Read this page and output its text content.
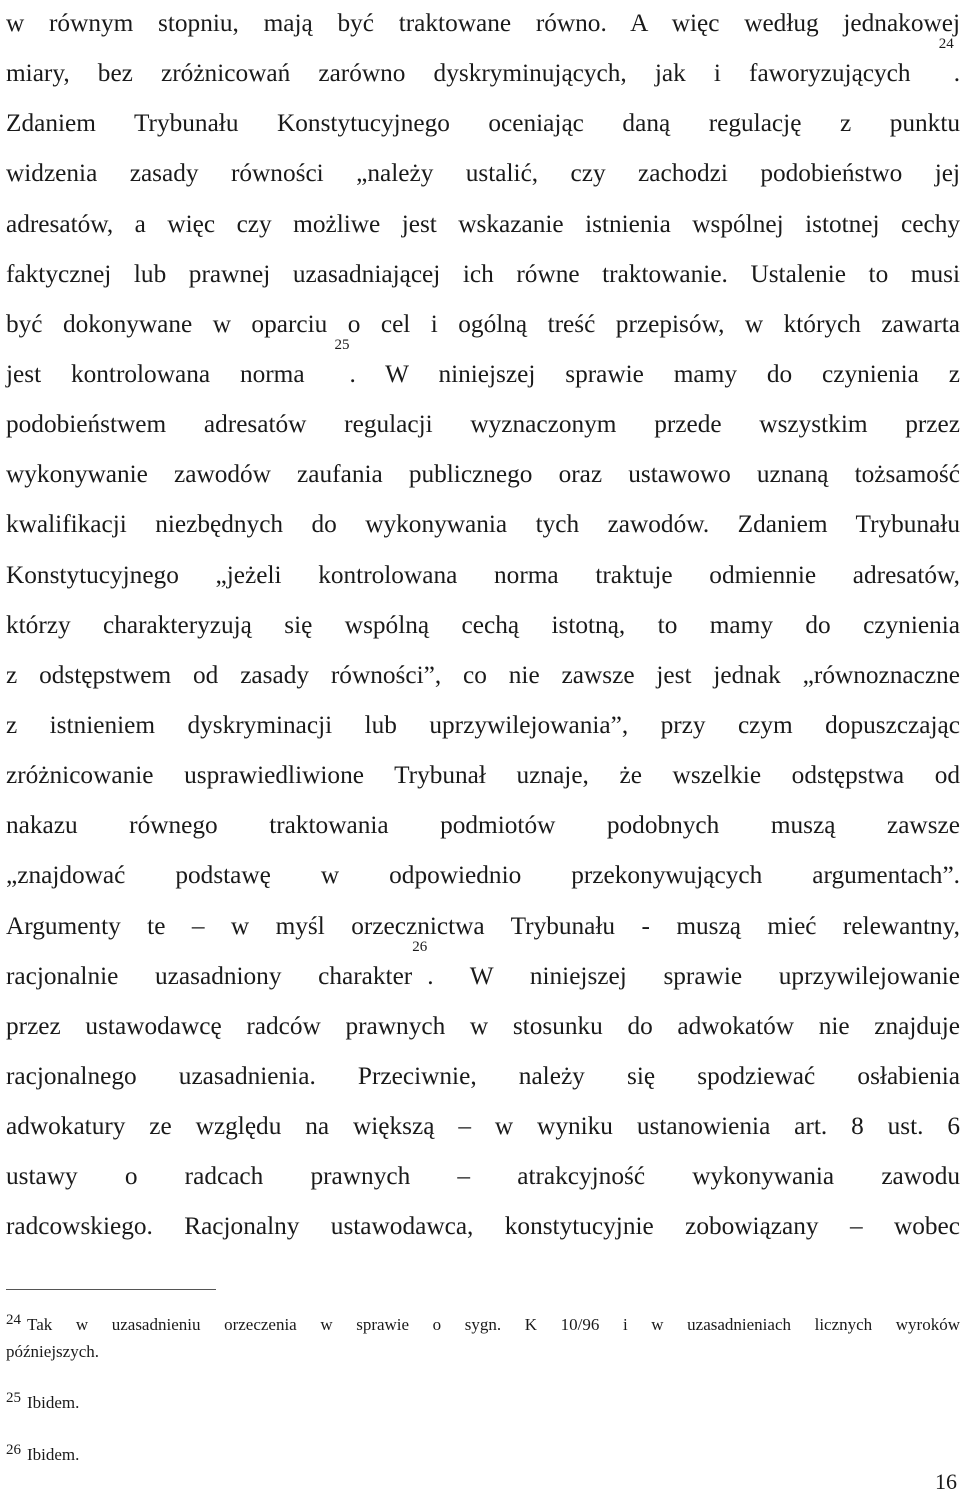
w równym stopniu, mają być traktowane równo. A więc według jednakowej
miary, bez zróżnicowań zarówno dyskryminujących, jak i faworyzujących $^{24}$.
Zdaniem Trybunału Konstytucyjnego oceniając daną regulację z punktu
widzenia zasady równości „należy ustalić, czy zachodzi podobieństwo jej
adresatów, a więc czy możliwe jest wskazanie istnienia wspólnej istotnej cechy
faktycznej lub prawnej uzasadniającej ich równe traktowanie. Ustalenie to musi
być dokonywane w oparciu o cel i ogólną treść przepisów, w których zawarta
jest kontrolowana norma $^{25}$. W niniejszej sprawie mamy do czynienia z
podobieństwem adresatów regulacji wyznaczonym przede wszystkim przez
wykonywanie zawodów zaufania publicznego oraz ustawowo uznaną tożsamość
kwalifikacji niezbędnych do wykonywania tych zawodów. Zdaniem Trybunału
Konstytucyjnego „jeżeli kontrolowana norma traktuje odmiennie adresatów,
którzy charakteryzują się wspólną cechą istotną, to mamy do czynienia
z odstępstwem od zasady równości”, co nie zawsze jest jednak „równoznaczne
z istnieniem dyskryminacji lub uprzywilejowania”, przy czym dopuszczając
zróżnicowanie usprawiedliwione Trybunał uznaje, że wszelkie odstępstwa od
nakazu równego traktowania podmiotów podobnych muszą zawsze
„znajdować podstawę w odpowiednio przekonywujących argumentach”.
Argumenty te – w myśl orzecznictwa Trybunału - muszą mieć relewantny,
racjonalnie uzasadniony charakter$^{26}$. W niniejszej sprawie uprzywilejowanie
przez ustawodawcę radców prawnych w stosunku do adwokatów nie znajduje
racjonalnego uzasadnienia. Przeciwnie, należy się spodziewać osłabienia
adwokatury ze względu na większą – w wyniku ustanowienia art. 8 ust. 6
ustawy o radcach prawnych – atrakcyjność wykonywania zawodu
radcowskiego. Racjonalny ustawodawca, konstytucyjnie zobowiązany – wobec
24 Tak w uzasadnieniu orzeczenia w sprawie o sygn. K 10/96 i w uzasadnieniach licznych wyroków
późniejszych.
25 Ibidem.
26 Ibidem.
16
